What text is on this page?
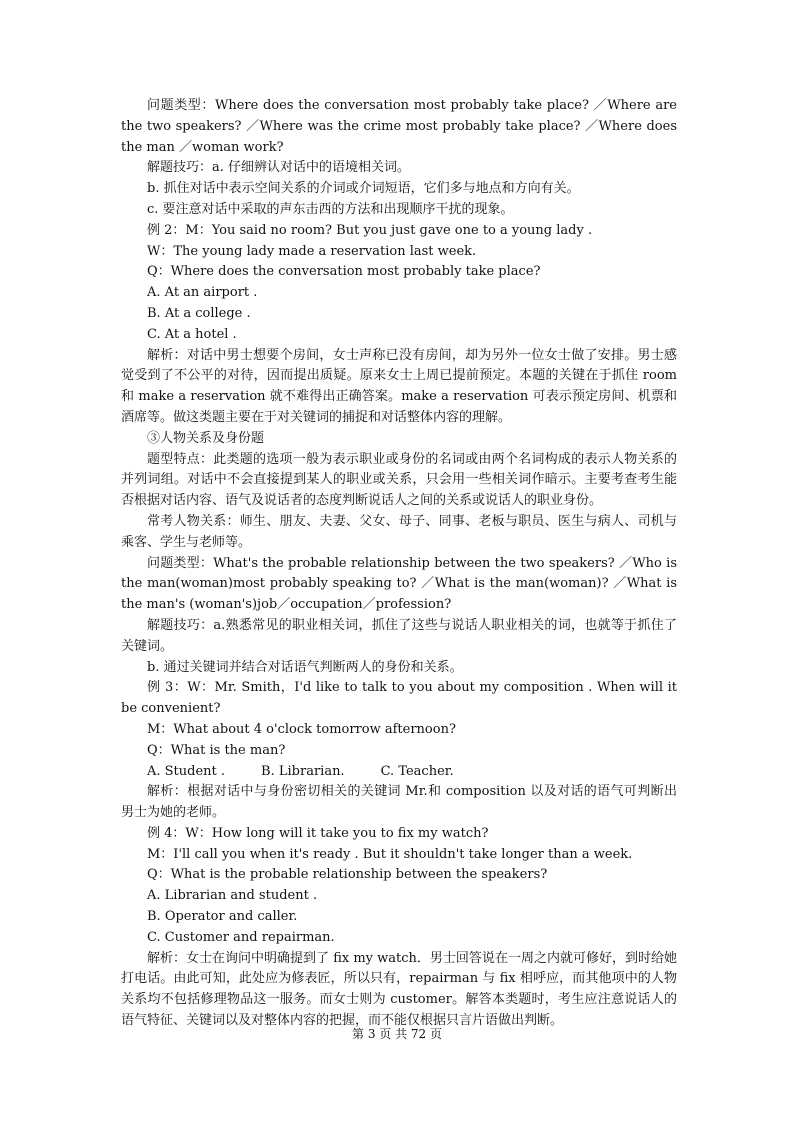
问题类型：Where does the conversation most probably take place? ／Where are the two speakers? ／Where was the crime most probably take place? ／Where does the man ／woman work?

解题技巧：a. 仔细辨认对话中的语境相关词。

b. 抓住对话中表示空间关系的介词或介词短语，它们多与地点和方向有关。

c. 要注意对话中采取的声东击西的方法和出现顺序干扰的现象。

例 2：M：You said no room? But you just gave one to a young lady .

W：The young lady made a reservation last week.

Q：Where does the conversation most probably take place?

A. At an airport .

B. At a college .

C. At a hotel .

解析：对话中男士想要个房间，女士声称已没有房间，却为另外一位女士做了安排。男士感觉受到了不公平的对待，因而提出质疑。原来女士上周已提前预定。本题的关键在于抓住 room 和 make a reservation 就不难得出正确答案。make a reservation 可表示预定房间、机票和酒席等。做这类题主要在于对关键词的捕捉和对话整体内容的理解。

③人物关系及身份题

题型特点：此类题的选项一般为表示职业或身份的名词或由两个名词构成的表示人物关系的并列词组。对话中不会直接提到某人的职业或关系，只会用一些相关词作暗示。主要考查考生能否根据对话内容、语气及说话者的态度判断说话人之间的关系或说话人的职业身份。

常考人物关系：师生、朋友、夫妻、父女、母子、同事、老板与职员、医生与病人、司机与乘客、学生与老师等。

问题类型：What's the probable relationship between the two speakers? ／Who is the man(woman)most probably speaking to? ／What is the man(woman)? ／What is the man's (woman's)job／occupation／profession?

解题技巧：a.熟悉常见的职业相关词，抓住了这些与说话人职业相关的词，也就等于抓住了关键词。

b. 通过关键词并结合对话语气判断两人的身份和关系。

例 3：W：Mr. Smith，I'd like to talk to you about my composition . When will it be convenient?

M：What about 4 o'clock tomorrow afternoon?

Q：What is the man?

A. Student .	B. Librarian.	C. Teacher.

解析：根据对话中与身份密切相关的关键词 Mr.和 composition 以及对话的语气可判断出男士为她的老师。

例 4：W：How long will it take you to fix my watch?

M：I'll call you when it's ready . But it shouldn't take longer than a week.

Q：What is the probable relationship between the speakers?

A. Librarian and student .

B. Operator and caller.

C. Customer and repairman.

解析：女士在询问中明确提到了 fix my watch．男士回答说在一周之内就可修好，到时给她打电话。由此可知，此处应为修表匠，所以只有，repairman 与 fix 相呼应，而其他项中的人物关系均不包括修理物品这一服务。而女士则为 customer。解答本类题时，考生应注意说话人的语气特征、关键词以及对整体内容的把握，而不能仅根据只言片语做出判断。

第 3 页 共 72 页
